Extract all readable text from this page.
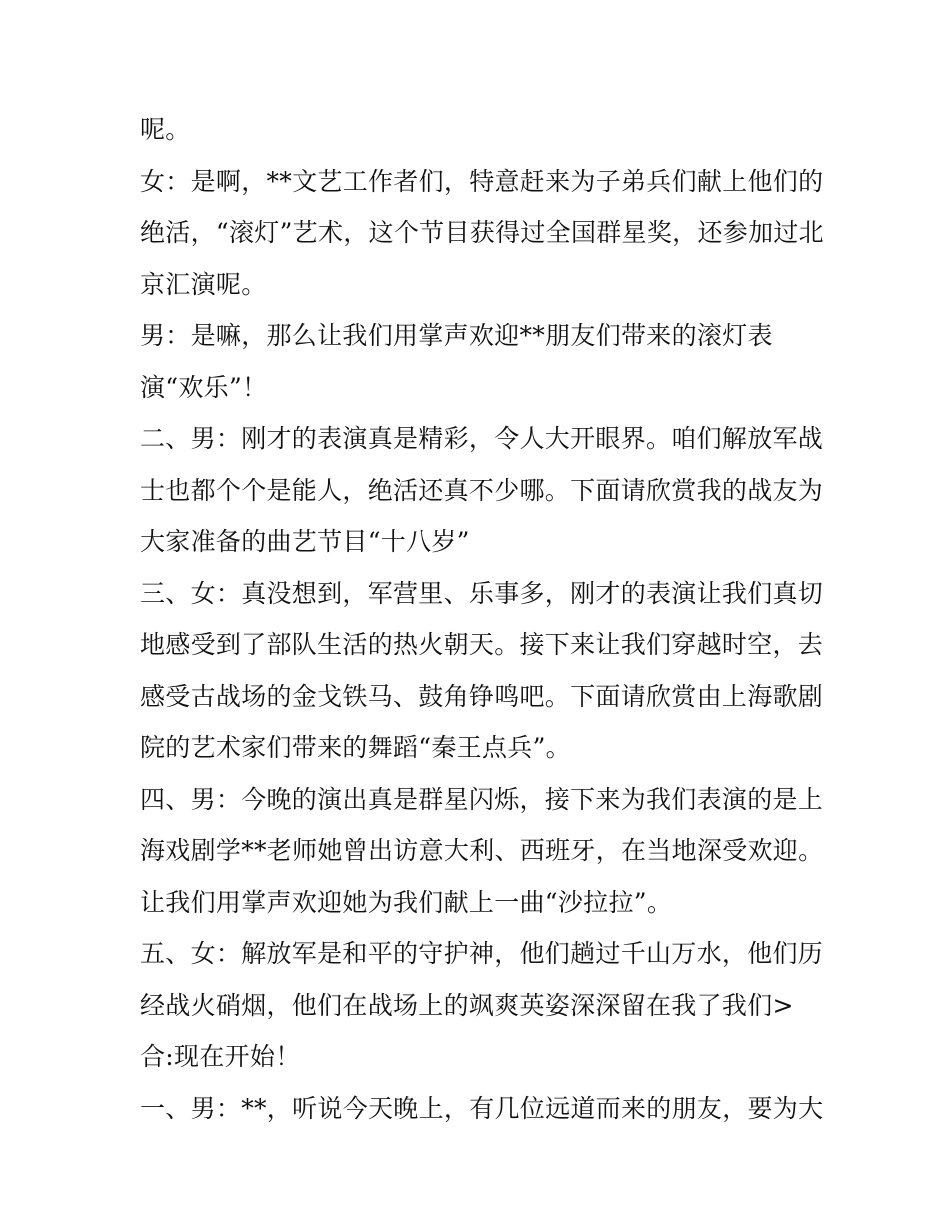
呢。
女：是啊，**文艺工作者们，特意赶来为子弟兵们献上他们的
绝活，“滚灯”艺术，这个节目获得过全国群星奖，还参加过北
京汇演呢。
男：是嘛，那么让我们用掌声欢迎**朋友们带来的滚灯表
演“欢乐”！
二、男：刚才的表演真是精彩，令人大开眼界。咱们解放军战
士也都个个是能人，绝活还真不少哪。下面请欣赏我的战友为
大家准备的曲艺节目“十八岁”
三、女：真没想到，军营里、乐事多，刚才的表演让我们真切
地感受到了部队生活的热火朝天。接下来让我们穿越时空，去
感受古战场的金戈铁马、鼓角铮鸣吧。下面请欣赏由上海歌剧
院的艺术家们带来的舞蹈“秦王点兵”。
四、男：今晚的演出真是群星闪烁，接下来为我们表演的是上
海戏剧学**老师她曾出访意大利、西班牙，在当地深受欢迎。
让我们用掌声欢迎她为我们献上一曲“沙拉拉”。
五、女：解放军是和平的守护神，他们趟过千山万水，他们历
经战火硝烟，他们在战场上的飒爽英姿深深留在我了我们>
合:现在开始！
一、男：**，听说今天晚上，有几位远道而来的朋友，要为大
